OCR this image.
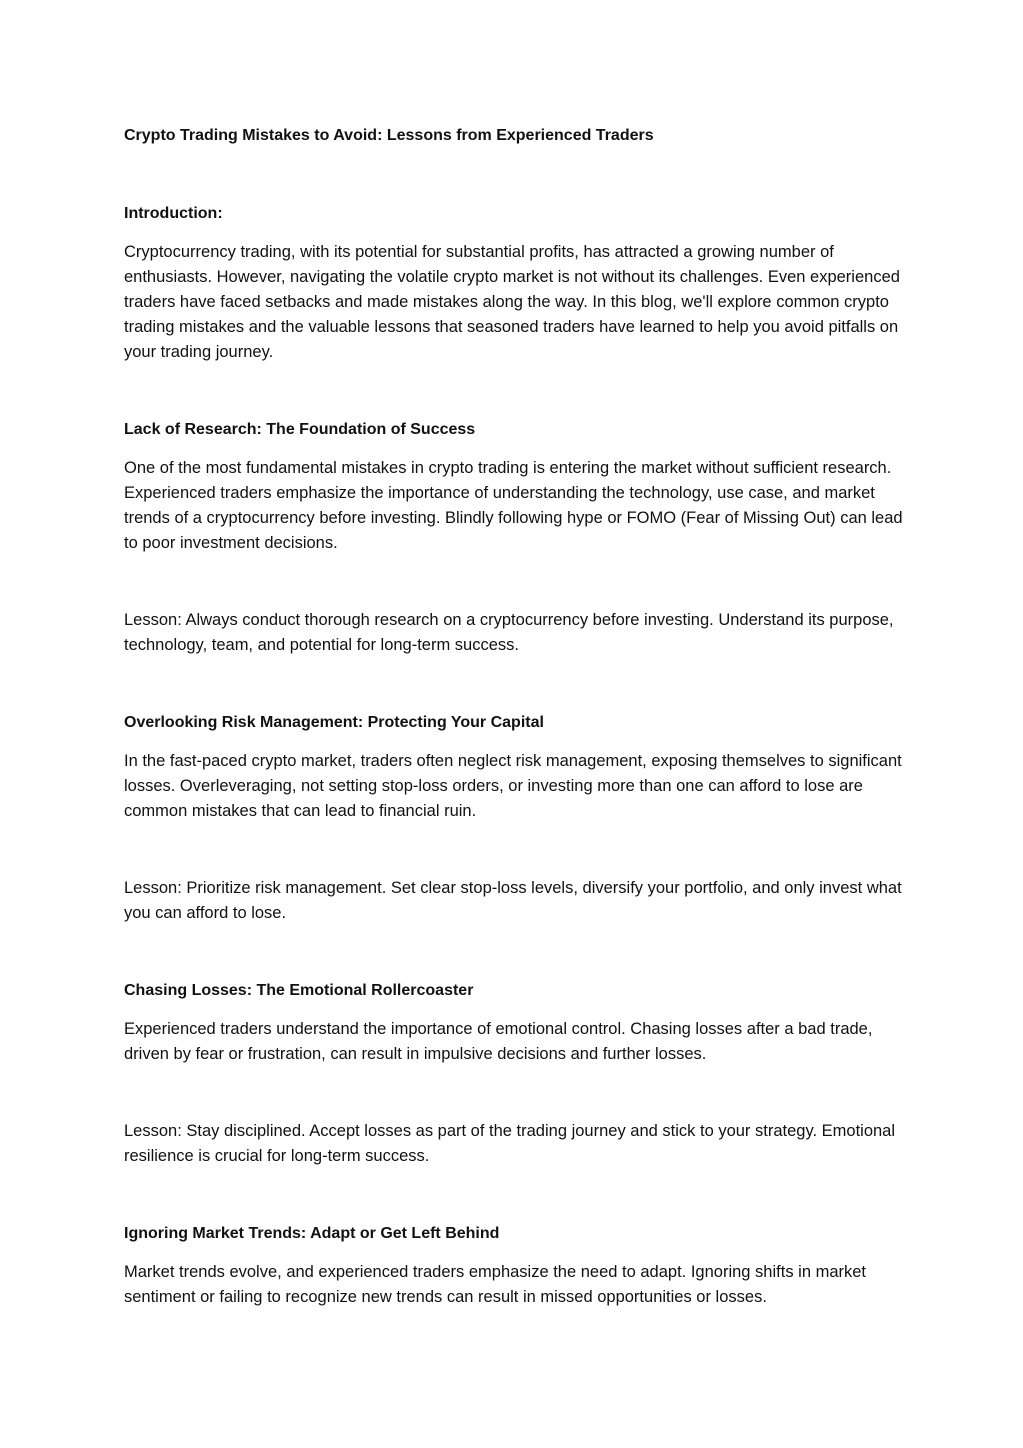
Crypto Trading Mistakes to Avoid: Lessons from Experienced Traders
Introduction:

Cryptocurrency trading, with its potential for substantial profits, has attracted a growing number of enthusiasts. However, navigating the volatile crypto market is not without its challenges. Even experienced traders have faced setbacks and made mistakes along the way. In this blog, we'll explore common crypto trading mistakes and the valuable lessons that seasoned traders have learned to help you avoid pitfalls on your trading journey.

Lack of Research: The Foundation of Success

One of the most fundamental mistakes in crypto trading is entering the market without sufficient research. Experienced traders emphasize the importance of understanding the technology, use case, and market trends of a cryptocurrency before investing. Blindly following hype or FOMO (Fear of Missing Out) can lead to poor investment decisions.

Lesson: Always conduct thorough research on a cryptocurrency before investing. Understand its purpose, technology, team, and potential for long-term success.

Overlooking Risk Management: Protecting Your Capital

In the fast-paced crypto market, traders often neglect risk management, exposing themselves to significant losses. Overleveraging, not setting stop-loss orders, or investing more than one can afford to lose are common mistakes that can lead to financial ruin.

Lesson: Prioritize risk management. Set clear stop-loss levels, diversify your portfolio, and only invest what you can afford to lose.

Chasing Losses: The Emotional Rollercoaster

Experienced traders understand the importance of emotional control. Chasing losses after a bad trade, driven by fear or frustration, can result in impulsive decisions and further losses.

Lesson: Stay disciplined. Accept losses as part of the trading journey and stick to your strategy. Emotional resilience is crucial for long-term success.

Ignoring Market Trends: Adapt or Get Left Behind

Market trends evolve, and experienced traders emphasize the need to adapt. Ignoring shifts in market sentiment or failing to recognize new trends can result in missed opportunities or losses.
